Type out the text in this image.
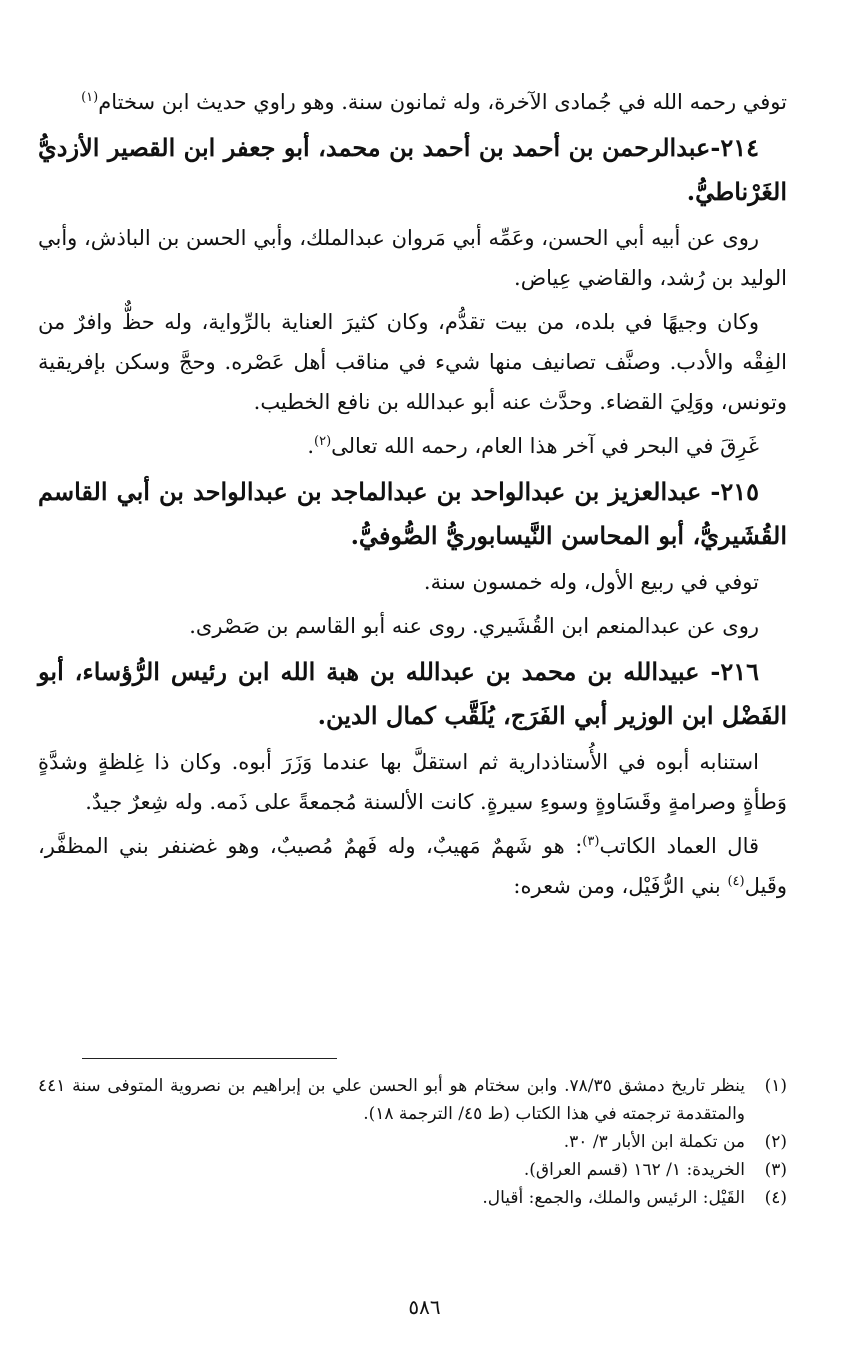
توفي رحمه الله في جُمادى الآخرة، وله ثمانون سنة. وهو راوي حديث ابن سختام$^{(١)}$

٢١٤-عبدالرحمن بن أحمد بن أحمد بن محمد، أبو جعفر ابن القصير الأزديُّ الغَرْناطيُّ.

روى عن أبيه أبي الحسن، وعَمِّه أبي مَروان عبدالملك، وأبي الحسن بن الباذش، وأبي الوليد بن رُشد، والقاضي عِياض.

وكان وجيهًا في بلده، من بيت تقدُّم، وكان كثيرَ العناية بالرِّواية، وله حظٌّ وافرٌ من الفِقْه والأدب. وصنَّف تصانيف منها شيء في مناقب أهل عَصْره. وحجَّ وسكن بإفريقية وتونس، ووَلِيَ القضاء. وحدَّث عنه أبو عبدالله بن نافع الخطيب.

غَرِقَ في البحر في آخر هذا العام، رحمه الله تعالى$^{(٢)}$.

٢١٥- عبدالعزيز بن عبدالواحد بن عبدالماجد بن عبدالواحد بن أبي القاسم القُشَيريُّ، أبو المحاسن النَّيسابوريُّ الصُّوفيُّ.

توفي في ربيع الأول، وله خمسون سنة.

روى عن عبدالمنعم ابن القُشَيري. روى عنه أبو القاسم بن صَصْرى.

٢١٦- عبيدالله بن محمد بن عبدالله بن هبة الله ابن رئيس الرُّؤساء، أبو الفَضْل ابن الوزير أبي الفَرَج، يُلَقَّب كمال الدين.

استنابه أبوه في الأُستاذدارية ثم استقلَّ بها عندما وَزَرَ أبوه. وكان ذا غِلظةٍ وشدَّةٍ وَطأةٍ وصرامةٍ وقَسَاوةٍ وسوءِ سيرةٍ. كانت الألسنة مُجمعةً على ذَمه. وله شِعرٌ جيدٌ.

قال العماد الكاتب$^{(٣)}$: هو شَهمٌ مَهيبٌ، وله فَهمٌ مُصيبٌ، وهو غضنفر بني المظفَّر، وقَيل$^{(٤)}$ بني الرُّفَيْل، ومن شعره:

(١)
ينظر تاريخ دمشق ٧٨/٣٥. وابن سختام هو أبو الحسن علي بن إبراهيم بن نصروية المتوفى سنة ٤٤١ والمتقدمة ترجمته في هذا الكتاب (ط ٤٥/ الترجمة ١٨).
(٢)
من تكملة ابن الأبار ٣/ ٣٠.
(٣)
الخريدة: ١/ ١٦٢ (قسم العراق).
(٤)
القَيْل: الرئيس والملك، والجمع: أقيال.
٥٨٦
